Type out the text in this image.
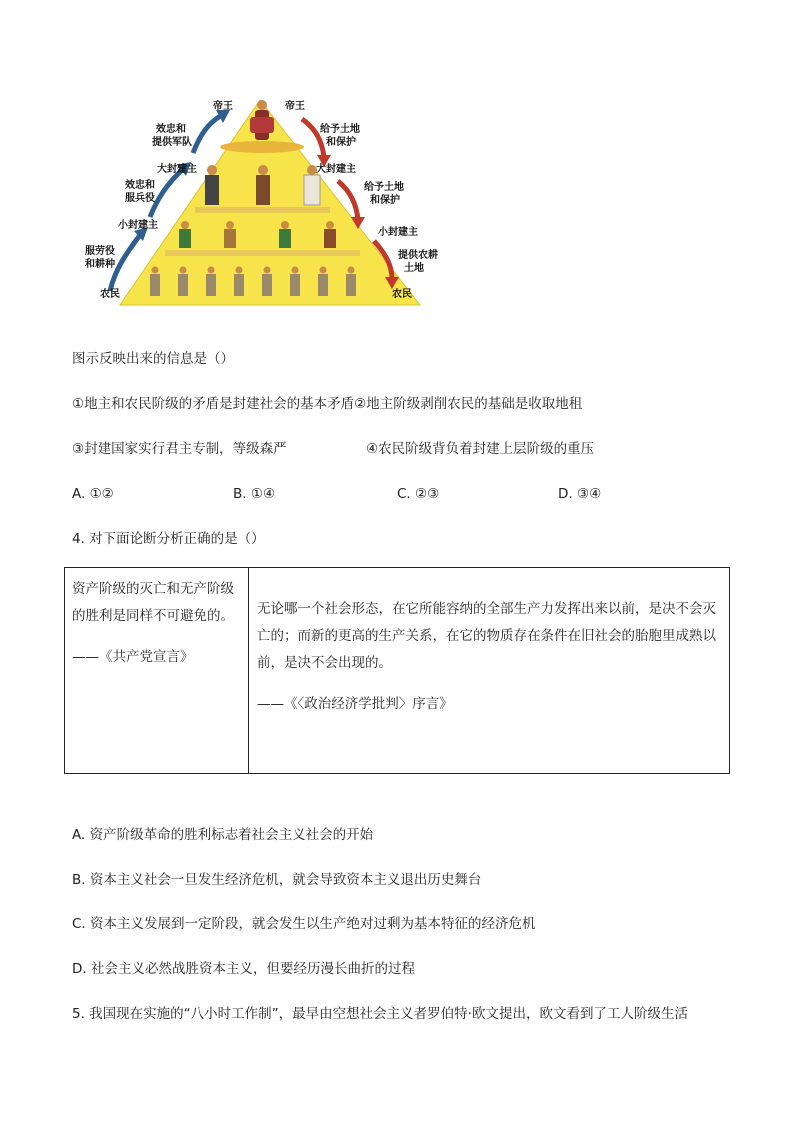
帝王	帝王
大封建主	大封建主
小封建主
小封建主
农民	农民
服劳役
和耕种
效忠和
服兵役
效忠和
提供军队
给予土地
和保护
给予土地
和保护
提供农耕
土地
图示反映出来的信息是（）
①地主和农民阶级的矛盾是封建社会的基本矛盾②地主阶级剥削农民的基础是收取地租
③封建国家实行君主专制，等级森严	④农民阶级背负着封建上层阶级的重压
A. ①②	B. ①④	C. ②③	D. ③④
4. 对下面论断分析正确的是（）
资产阶级的灭亡和无产阶级的胜利是同样不可避免的。
——《共产党宣言》
	无论哪一个社会形态，在它所能容纳的全部生产力发挥出来以前，是决不会灭亡的；而新的更高的生产关系，在它的物质存在条件在旧社会的胎胞里成熟以前，是决不会出现的。
——《〈政治经济学批判〉序言》
A. 资产阶级革命的胜利标志着社会主义社会的开始
B. 资本主义社会一旦发生经济危机，就会导致资本主义退出历史舞台
C. 资本主义发展到一定阶段，就会发生以生产绝对过剩为基本特征的经济危机
D. 社会主义必然战胜资本主义，但要经历漫长曲折的过程
5. 我国现在实施的“八小时工作制”，最早由空想社会主义者罗伯特·欧文提出，欧文看到了工人阶级生活
